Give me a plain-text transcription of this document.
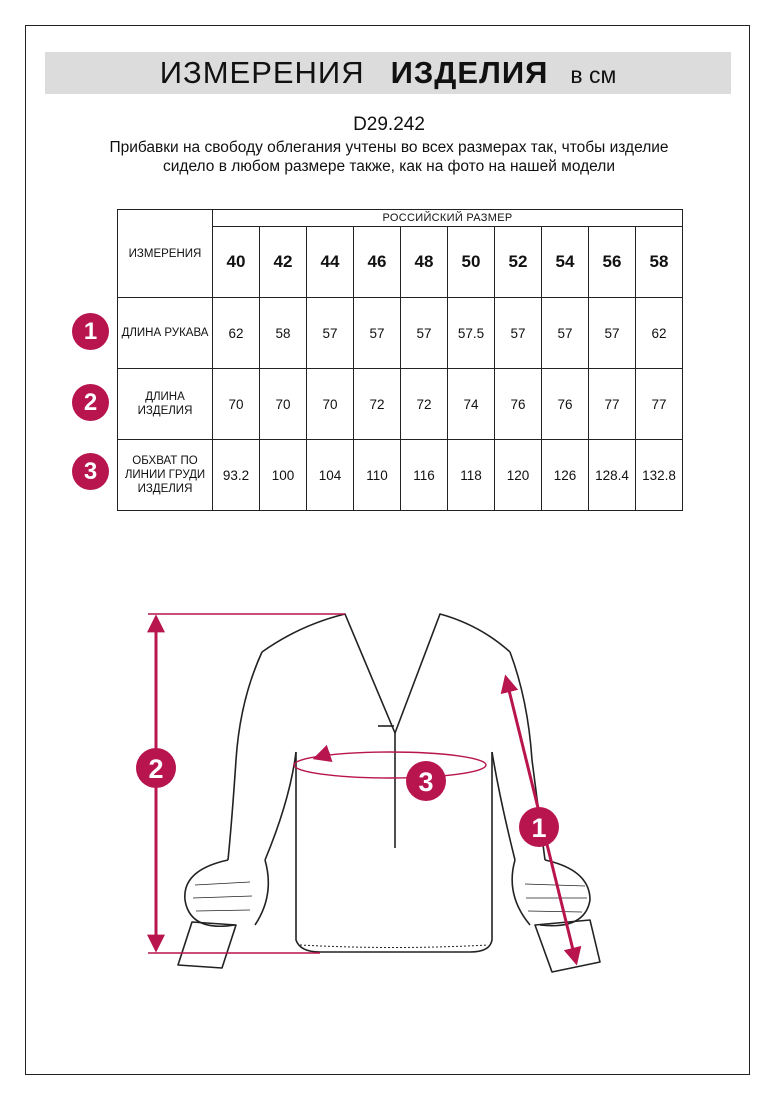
ИЗМЕРЕНИЯ ИЗДЕЛИЯ в см
D29.242
Прибавки на свободу облегания учтены во всех размерах так, чтобы изделие сидело в любом размере также, как на фото на нашей модели
ИЗМЕРЕНИЯ	РОССИЙСКИЙ РАЗМЕР									
	40	42	44	46	48	50	52	54	56	58
ДЛИНА РУКАВА	62	58	57	57	57	57.5	57	57	57	62
ДЛИНА ИЗДЕЛИЯ	70	70	70	72	72	74	76	76	77	77
ОБХВАТ ПО ЛИНИИ ГРУДИ ИЗДЕЛИЯ	93.2	100	104	110	116	118	120	126	128.4	132.8
1
2
3
2	3
1
